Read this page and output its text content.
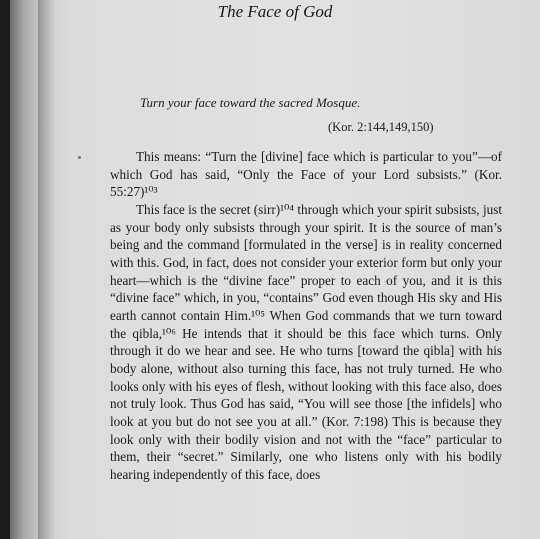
The Face of God
Turn your face toward the sacred Mosque.
(Kor. 2:144,149,150)

This means: “Turn the [divine] face which is particular to you”—of which God has said, “Only the Face of your Lord subsists.” (Kor. 55:27)¹⁰³

This face is the secret (sirr)¹⁰⁴ through which your spirit subsists, just as your body only subsists through your spirit. It is the source of man’s being and the command [formulated in the verse] is in reality concerned with this. God, in fact, does not consider your exterior form but only your heart—which is the “divine face” proper to each of you, and it is this “divine face” which, in you, “contains” God even though His sky and His earth cannot contain Him.¹⁰⁵ When God commands that we turn toward the qibla,¹⁰⁶ He intends that it should be this face which turns. Only through it do we hear and see. He who turns [toward the qibla] with his body alone, without also turning this face, has not truly turned. He who looks only with his eyes of flesh, without looking with this face also, does not truly look. Thus God has said, “You will see those [the infidels] who look at you but do not see you at all.” (Kor. 7:198) This is because they look only with their bodily vision and not with the “face” particular to them, their “secret.” Similarly, one who listens only with his bodily hearing independently of this face, does
